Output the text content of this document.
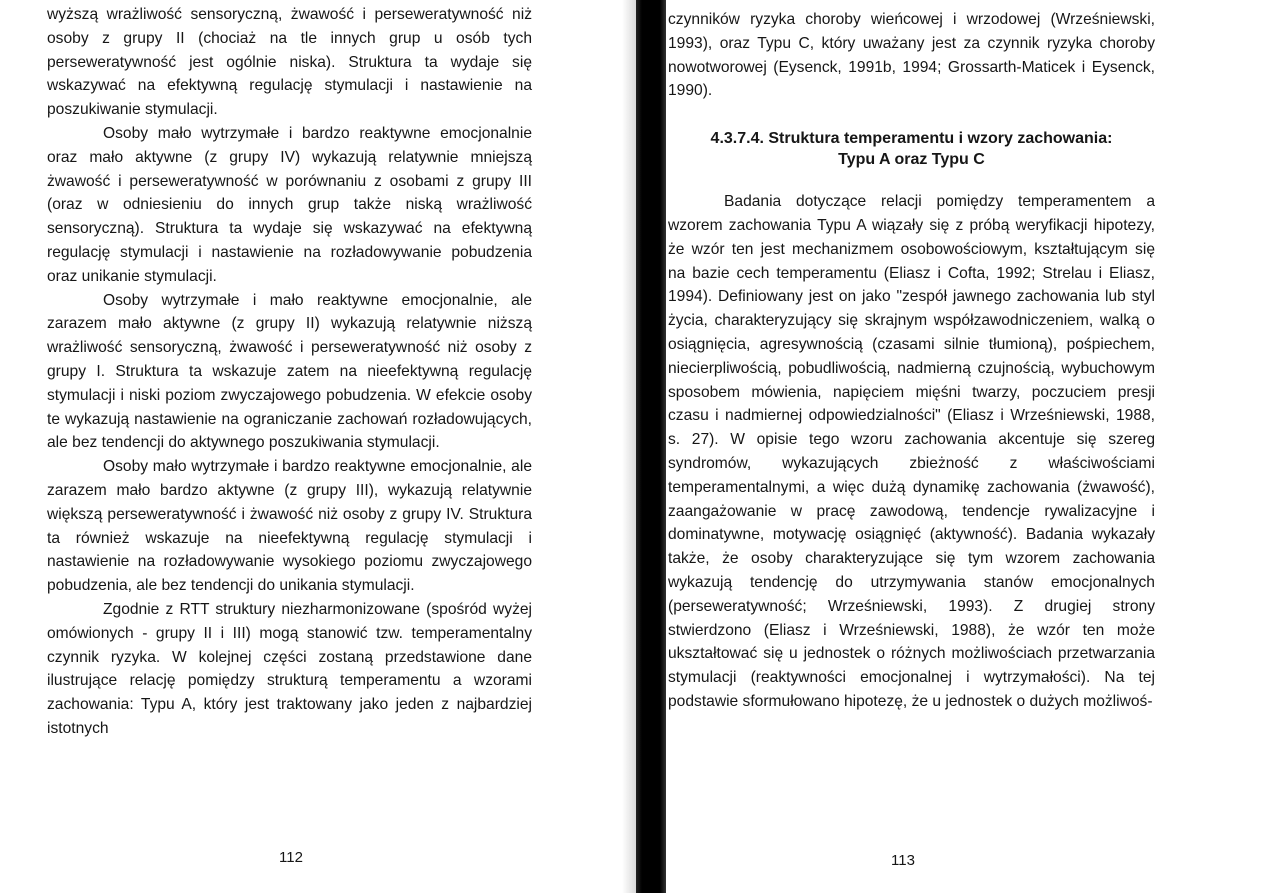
wyższą wrażliwość sensoryczną, żwawość i perseweratywność niż osoby z grupy II (chociaż na tle innych grup u osób tych perseweratywność jest ogólnie niska). Struktura ta wydaje się wskazywać na efektywną regulację stymulacji i nastawienie na poszukiwanie stymulacji.

Osoby mało wytrzymałe i bardzo reaktywne emocjonalnie oraz mało aktywne (z grupy IV) wykazują relatywnie mniejszą żwawość i perseweratywność w porównaniu z osobami z grupy III (oraz w odniesieniu do innych grup także niską wrażliwość sensoryczną). Struktura ta wydaje się wskazywać na efektywną regulację stymulacji i nastawienie na rozładowywanie pobudzenia oraz unikanie stymulacji.

Osoby wytrzymałe i mało reaktywne emocjonalnie, ale zarazem mało aktywne (z grupy II) wykazują relatywnie niższą wrażliwość sensoryczną, żwawość i perseweratywność niż osoby z grupy I. Struktura ta wskazuje zatem na nieefektywną regulację stymulacji i niski poziom zwyczajowego pobudzenia. W efekcie osoby te wykazują nastawienie na ograniczanie zachowań rozładowujących, ale bez tendencji do aktywnego poszukiwania stymulacji.

Osoby mało wytrzymałe i bardzo reaktywne emocjonalnie, ale zarazem mało bardzo aktywne (z grupy III), wykazują relatywnie większą perseweratywność i żwawość niż osoby z grupy IV. Struktura ta również wskazuje na nieefektywną regulację stymulacji i nastawienie na rozładowywanie wysokiego poziomu zwyczajowego pobudzenia, ale bez tendencji do unikania stymulacji.

Zgodnie z RTT struktury niezharmonizowane (spośród wyżej omówionych - grupy II i III) mogą stanowić tzw. temperamentalny czynnik ryzyka. W kolejnej części zostaną przedstawione dane ilustrujące relację pomiędzy strukturą temperamentu a wzorami zachowania: Typu A, który jest traktowany jako jeden z najbardziej istotnych

112

czynników ryzyka choroby wieńcowej i wrzodowej (Wrześniewski, 1993), oraz Typu C, który uważany jest za czynnik ryzyka choroby nowotworowej (Eysenck, 1991b, 1994; Grossarth-Maticek i Eysenck, 1990).

4.3.7.4. Struktura temperamentu i wzory zachowania:
Typu A oraz Typu C

Badania dotyczące relacji pomiędzy temperamentem a wzorem zachowania Typu A wiązały się z próbą weryfikacji hipotezy, że wzór ten jest mechanizmem osobowościowym, kształtującym się na bazie cech temperamentu (Eliasz i Cofta, 1992; Strelau i Eliasz, 1994). Definiowany jest on jako "zespół jawnego zachowania lub styl życia, charakteryzujący się skrajnym współzawodniczeniem, walką o osiągnięcia, agresywnością (czasami silnie tłumioną), pośpiechem, niecierpliwością, pobudliwością, nadmierną czujnością, wybuchowym sposobem mówienia, napięciem mięśni twarzy, poczuciem presji czasu i nadmiernej odpowiedzialności" (Eliasz i Wrześniewski, 1988, s. 27). W opisie tego wzoru zachowania akcentuje się szereg syndromów, wykazujących zbieżność z właściwościami temperamentalnymi, a więc dużą dynamikę zachowania (żwawość), zaangażowanie w pracę zawodową, tendencje rywalizacyjne i dominatywne, motywację osiągnięć (aktywność). Badania wykazały także, że osoby charakteryzujące się tym wzorem zachowania wykazują tendencję do utrzymywania stanów emocjonalnych (perseweratywność; Wrześniewski, 1993). Z drugiej strony stwierdzono (Eliasz i Wrześniewski, 1988), że wzór ten może ukształtować się u jednostek o różnych możliwościach przetwarzania stymulacji (reaktywności emocjonalnej i wytrzymałości). Na tej podstawie sformułowano hipotezę, że u jednostek o dużych możliwoś-

113
